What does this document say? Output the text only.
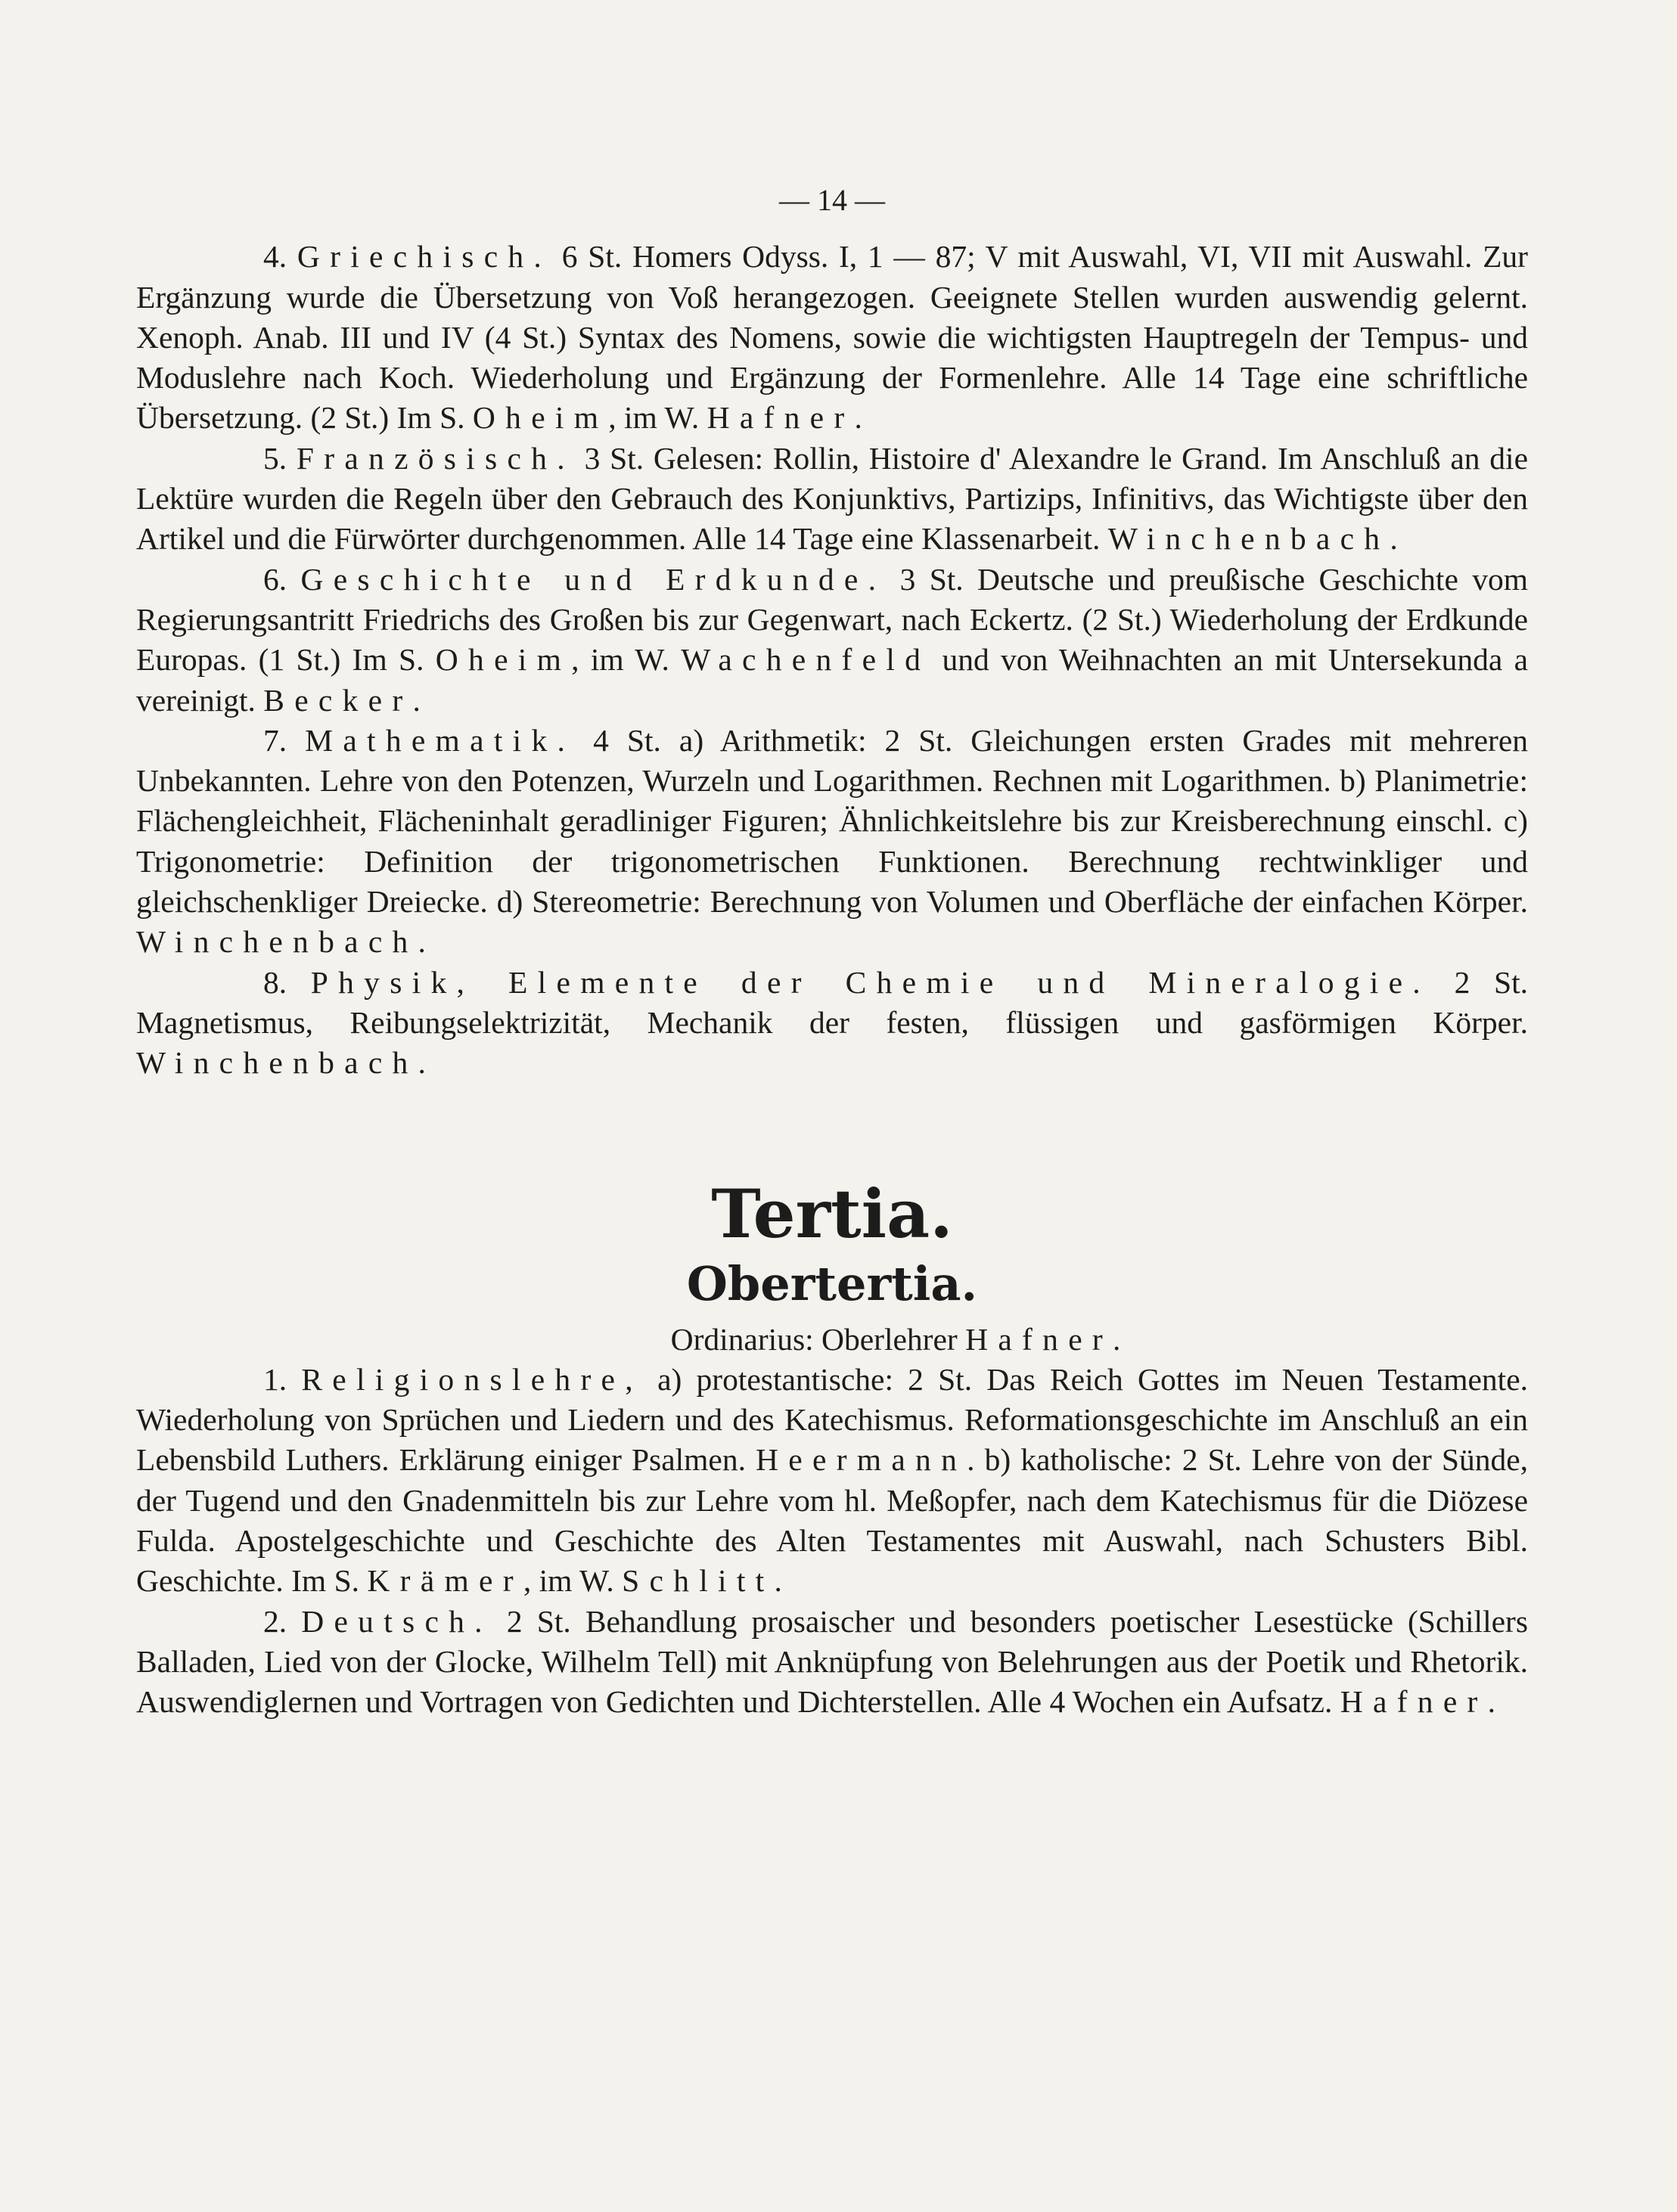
— 14 —

4. Griechisch. 6 St. Homers Odyss. I, 1 — 87; V mit Auswahl, VI, VII mit Auswahl. Zur Ergänzung wurde die Übersetzung von Voß herangezogen. Geeignete Stellen wurden auswendig gelernt. Xenoph. Anab. III und IV (4 St.) Syntax des Nomens, sowie die wichtigsten Hauptregeln der Tempus- und Moduslehre nach Koch. Wiederholung und Ergänzung der Formenlehre. Alle 14 Tage eine schriftliche Übersetzung. (2 St.) Im S. Oheim, im W. Hafner.

5. Französisch. 3 St. Gelesen: Rollin, Histoire d' Alexandre le Grand. Im Anschluß an die Lektüre wurden die Regeln über den Gebrauch des Konjunktivs, Partizips, Infinitivs, das Wichtigste über den Artikel und die Fürwörter durchgenommen. Alle 14 Tage eine Klassenarbeit. Winchenbach.

6. Geschichte und Erdkunde. 3 St. Deutsche und preußische Geschichte vom Regierungsantritt Friedrichs des Großen bis zur Gegenwart, nach Eckertz. (2 St.) Wiederholung der Erdkunde Europas. (1 St.) Im S. Oheim, im W. Wachenfeld und von Weihnachten an mit Untersekunda a vereinigt. Becker.

7. Mathematik. 4 St. a) Arithmetik: 2 St. Gleichungen ersten Grades mit mehreren Unbekannten. Lehre von den Potenzen, Wurzeln und Logarithmen. Rechnen mit Logarithmen. b) Planimetrie: Flächengleichheit, Flächeninhalt geradliniger Figuren; Ähnlichkeitslehre bis zur Kreisberechnung einschl. c) Trigonometrie: Definition der trigonometrischen Funktionen. Berechnung rechtwinkliger und gleichschenkliger Dreiecke. d) Stereometrie: Berechnung von Volumen und Oberfläche der einfachen Körper. Winchenbach.

8. Physik, Elemente der Chemie und Mineralogie. 2 St. Magnetismus, Reibungselektrizität, Mechanik der festen, flüssigen und gasförmigen Körper. Winchenbach.

Tertia.
Obertertia.

Ordinarius: Oberlehrer Hafner.

1. Religionslehre, a) protestantische: 2 St. Das Reich Gottes im Neuen Testamente. Wiederholung von Sprüchen und Liedern und des Katechismus. Reformationsgeschichte im Anschluß an ein Lebensbild Luthers. Erklärung einiger Psalmen. Heermann. b) katholische: 2 St. Lehre von der Sünde, der Tugend und den Gnadenmitteln bis zur Lehre vom hl. Meßopfer, nach dem Katechismus für die Diözese Fulda. Apostelgeschichte und Geschichte des Alten Testamentes mit Auswahl, nach Schusters Bibl. Geschichte. Im S. Krämer, im W. Schlitt.

2. Deutsch. 2 St. Behandlung prosaischer und besonders poetischer Lesestücke (Schillers Balladen, Lied von der Glocke, Wilhelm Tell) mit Anknüpfung von Belehrungen aus der Poetik und Rhetorik. Auswendiglernen und Vortragen von Gedichten und Dichterstellen. Alle 4 Wochen ein Aufsatz. Hafner.
